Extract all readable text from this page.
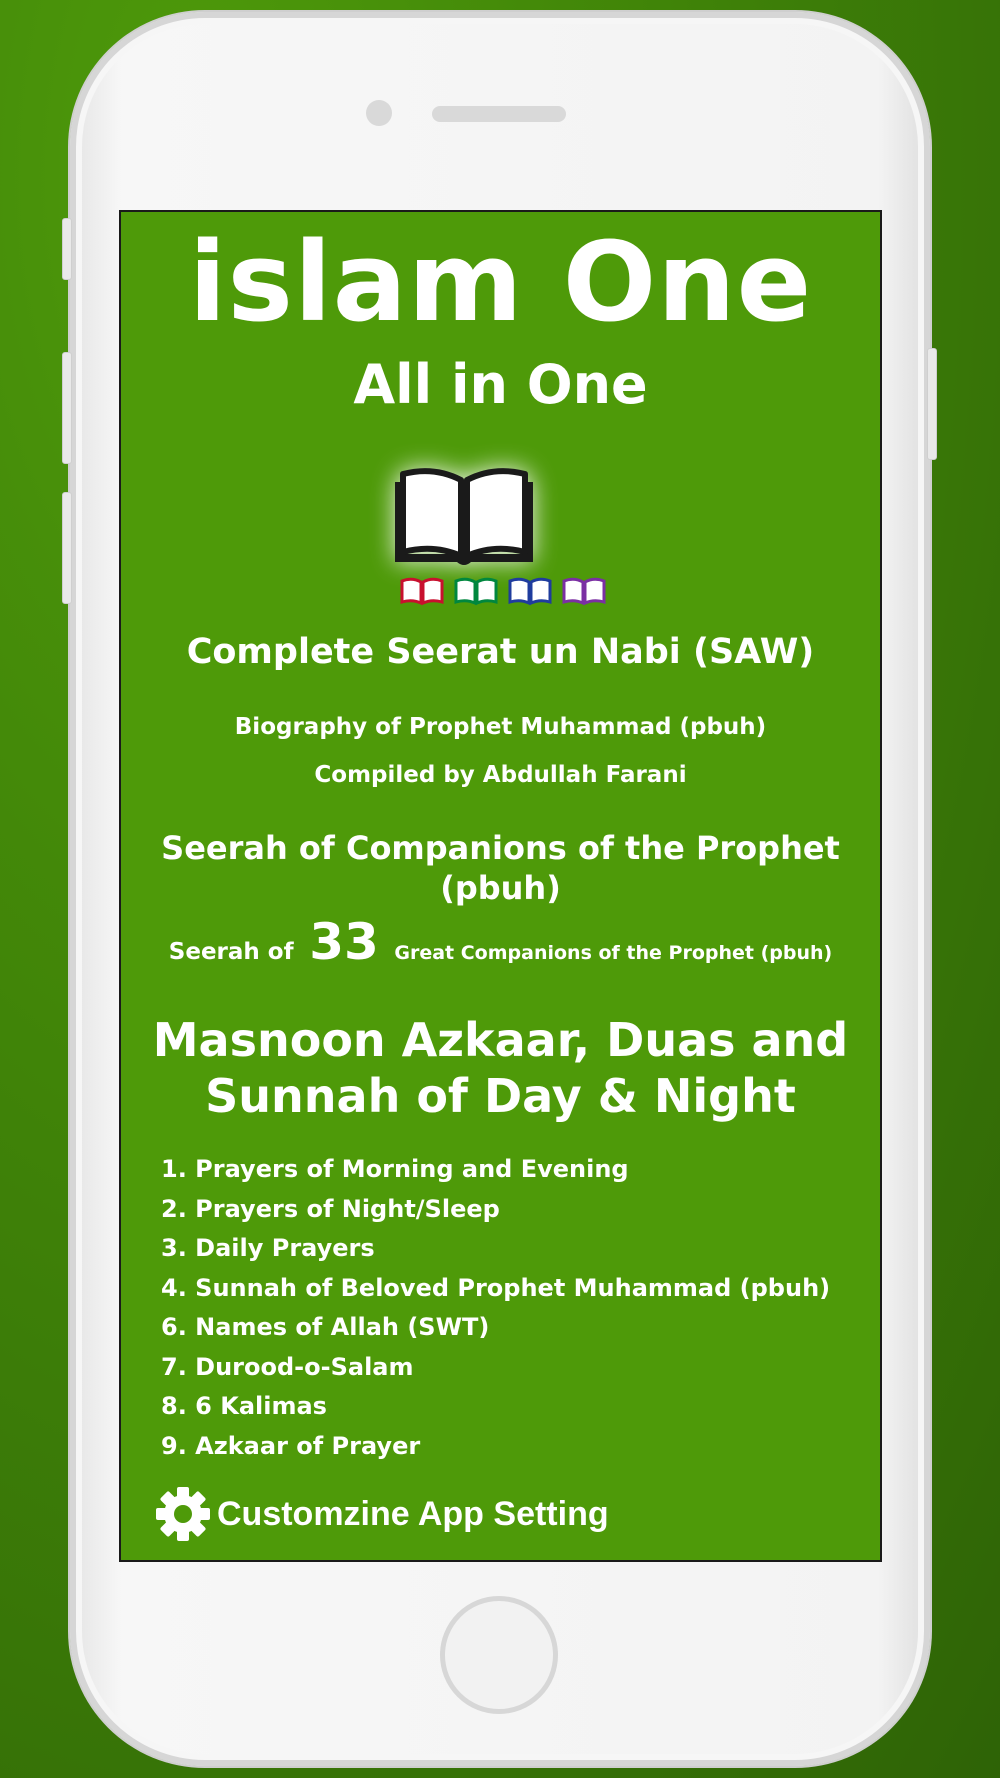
islam One
All in One
Complete Seerat un Nabi (SAW)
Biography of Prophet Muhammad (pbuh)
Compiled by Abdullah Farani
Seerah of Companions of the Prophet (pbuh)
Seerah of 33 Great Companions of the Prophet (pbuh)
Masnoon Azkaar, Duas and
Sunnah of Day & Night
1. Prayers of Morning and Evening
2. Prayers of Night/Sleep
3. Daily Prayers
4. Sunnah of Beloved Prophet Muhammad (pbuh)
6. Names of Allah (SWT)
7. Durood-o-Salam
8. 6 Kalimas
9. Azkaar of Prayer
Customzine App Setting
